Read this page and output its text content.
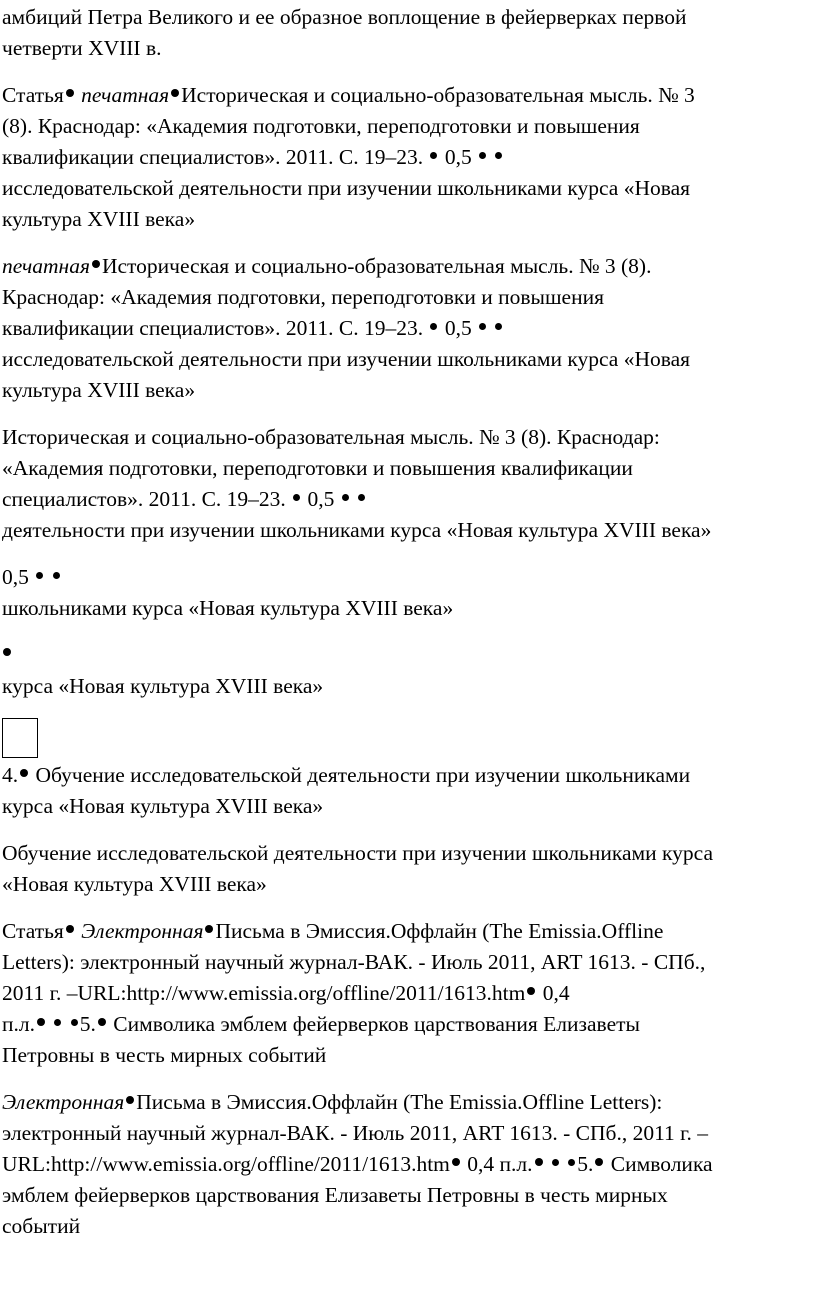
амбиций Петра Великого и ее образное воплощение в фейерверках первой
четверти XVIII в.

Статья печатная Историческая и социально-образовательная мысль. № 3
(8). Краснодар: «Академия подготовки, переподготовки и повышения
квалификации специалистов». 2011. С. 19–23. 0,5
исследовательской деятельности при изучении школьниками курса «Новая
культура XVIII века»

печатная Историческая и социально-образовательная мысль. № 3 (8).
Краснодар: «Академия подготовки, переподготовки и повышения
квалификации специалистов». 2011. С. 19–23. 0,5
исследовательской деятельности при изучении школьниками курса «Новая
культура XVIII века»

Историческая и социально-образовательная мысль. № 3 (8). Краснодар:
«Академия подготовки, переподготовки и повышения квалификации
специалистов». 2011. С. 19–23. 0,5
деятельности при изучении школьниками курса «Новая культура XVIII века»

0,5
школьниками курса «Новая культура XVIII века»

курса «Новая культура XVIII века»

4. Обучение исследовательской деятельности при изучении школьниками
курса «Новая культура XVIII века»

Обучение исследовательской деятельности при изучении школьниками курса
«Новая культура XVIII века»

Статья Электронная Письма в Эмиссия.Оффлайн (The Emissia.Offline
Letters): электронный научный журнал-ВАК. - Июль 2011, ART 1613. - СПб.,
2011 г. –URL:http://www.emissia.org/offline/2011/1613.htm 0,4
п.л. 5. Символика эмблем фейерверков царствования Елизаветы
Петровны в честь мирных событий

Электронная Письма в Эмиссия.Оффлайн (The Emissia.Offline Letters):
электронный научный журнал-ВАК. - Июль 2011, ART 1613. - СПб., 2011 г. –
URL:http://www.emissia.org/offline/2011/1613.htm 0,4 п.л. 5. Символика
эмблем фейерверков царствования Елизаветы Петровны в честь мирных
событий
